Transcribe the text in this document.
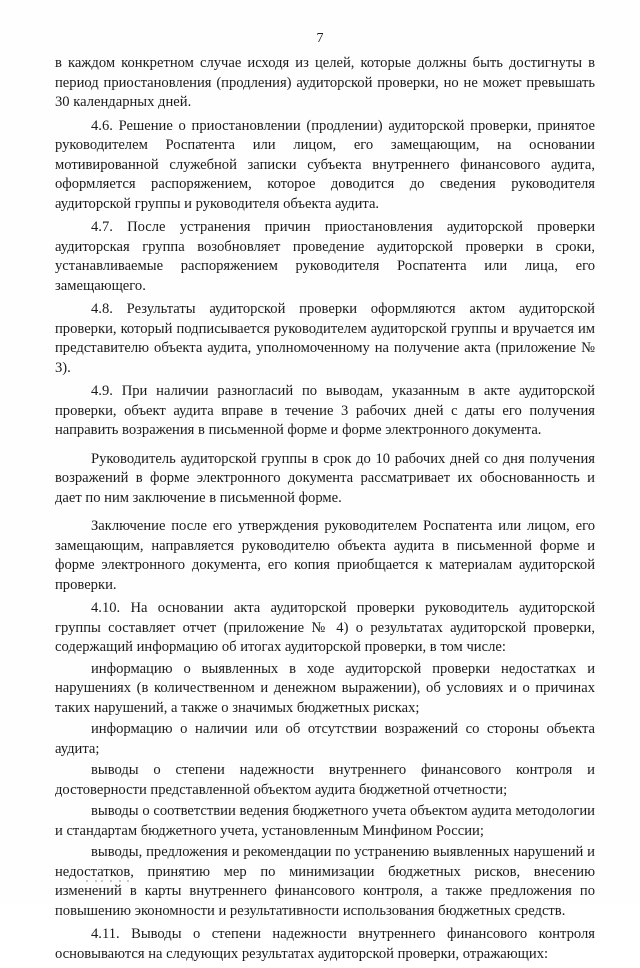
7

в каждом конкретном случае исходя из целей, которые должны быть достигнуты в период приостановления (продления) аудиторской проверки, но не может превышать 30 календарных дней.

4.6. Решение о приостановлении (продлении) аудиторской проверки, принятое руководителем Роспатента или лицом, его замещающим, на основании мотивированной служебной записки субъекта внутреннего финансового аудита, оформляется распоряжением, которое доводится до сведения руководителя аудиторской группы и руководителя объекта аудита.

4.7. После устранения причин приостановления аудиторской проверки аудиторская группа возобновляет проведение аудиторской проверки в сроки, устанавливаемые распоряжением руководителя Роспатента или лица, его замещающего.

4.8. Результаты аудиторской проверки оформляются актом аудиторской проверки, который подписывается руководителем аудиторской группы и вручается им представителю объекта аудита, уполномоченному на получение акта (приложение № 3).

4.9. При наличии разногласий по выводам, указанным в акте аудиторской проверки, объект аудита вправе в течение 3 рабочих дней с даты его получения направить возражения в письменной форме и форме электронного документа.

Руководитель аудиторской группы в срок до 10 рабочих дней со дня получения возражений в форме электронного документа рассматривает их обоснованность и дает по ним заключение в письменной форме.

Заключение после его утверждения руководителем Роспатента или лицом, его замещающим, направляется руководителю объекта аудита в письменной форме и форме электронного документа, его копия приобщается к материалам аудиторской проверки.

4.10. На основании акта аудиторской проверки руководитель аудиторской группы составляет отчет (приложение № 4) о результатах аудиторской проверки, содержащий информацию об итогах аудиторской проверки, в том числе:

информацию о выявленных в ходе аудиторской проверки недостатках и нарушениях (в количественном и денежном выражении), об условиях и о причинах таких нарушений, а также о значимых бюджетных рисках;

информацию о наличии или об отсутствии возражений со стороны объекта аудита;

выводы о степени надежности внутреннего финансового контроля и достоверности представленной объектом аудита бюджетной отчетности;

выводы о соответствии ведения бюджетного учета объектом аудита методологии и стандартам бюджетного учета, установленным Минфином России;

выводы, предложения и рекомендации по устранению выявленных нарушений и недостатков, принятию мер по минимизации бюджетных рисков, внесению изменений в карты внутреннего финансового контроля, а также предложения по повышению экономности и результативности использования бюджетных средств.

4.11. Выводы о степени надежности внутреннего финансового контроля основываются на следующих результатах аудиторской проверки, отражающих:
